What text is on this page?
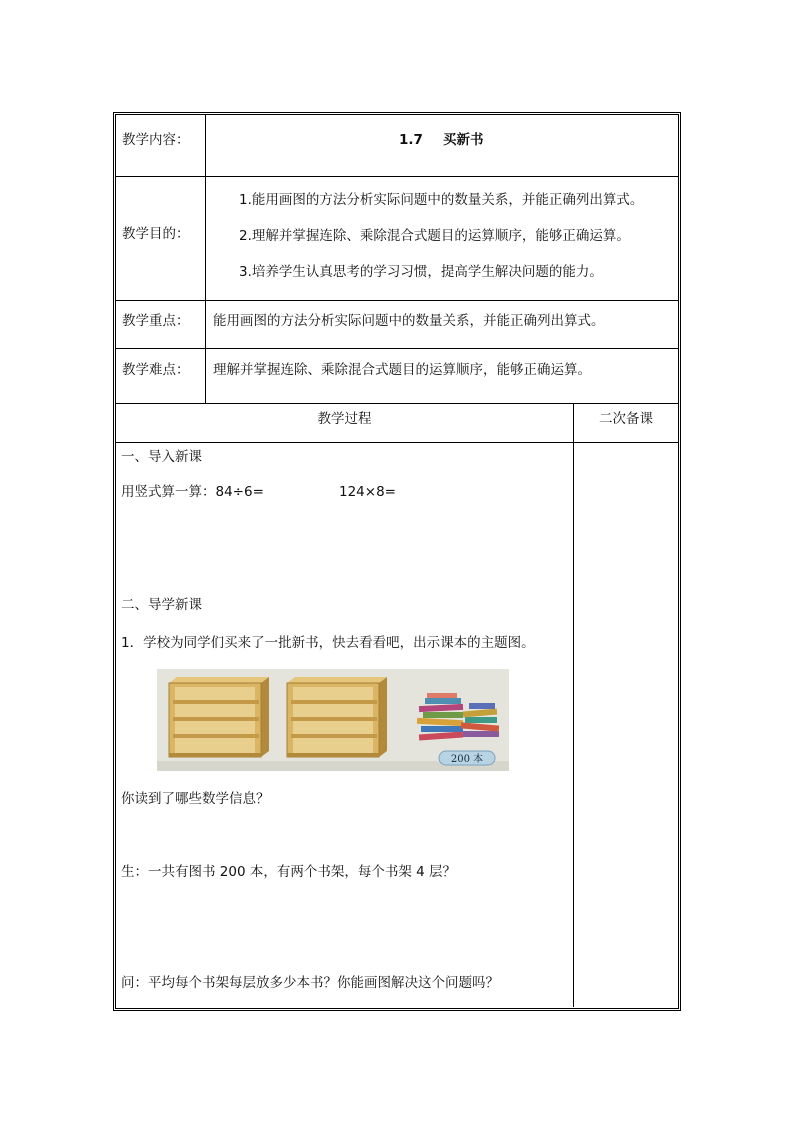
教学内容：	1.7 买新书
教学目的：
1.能用画图的方法分析实际问题中的数量关系，并能正确列出算式。
2.理解并掌握连除、乘除混合式题目的运算顺序，能够正确运算。
3.培养学生认真思考的学习习惯，提高学生解决问题的能力。
教学重点： 能用画图的方法分析实际问题中的数量关系，并能正确列出算式。
教学难点： 理解并掌握连除、乘除混合式题目的运算顺序，能够正确运算。
教学过程	二次备课
一、导入新课
用竖式算一算：84÷6=	124×8=
二、导学新课
1．学校为同学们买来了一批新书，快去看看吧，出示课本的主题图。
200 本
你读到了哪些数学信息？
生：一共有图书 200 本，有两个书架，每个书架 4 层？
问：平均每个书架每层放多少本书？你能画图解决这个问题吗？
